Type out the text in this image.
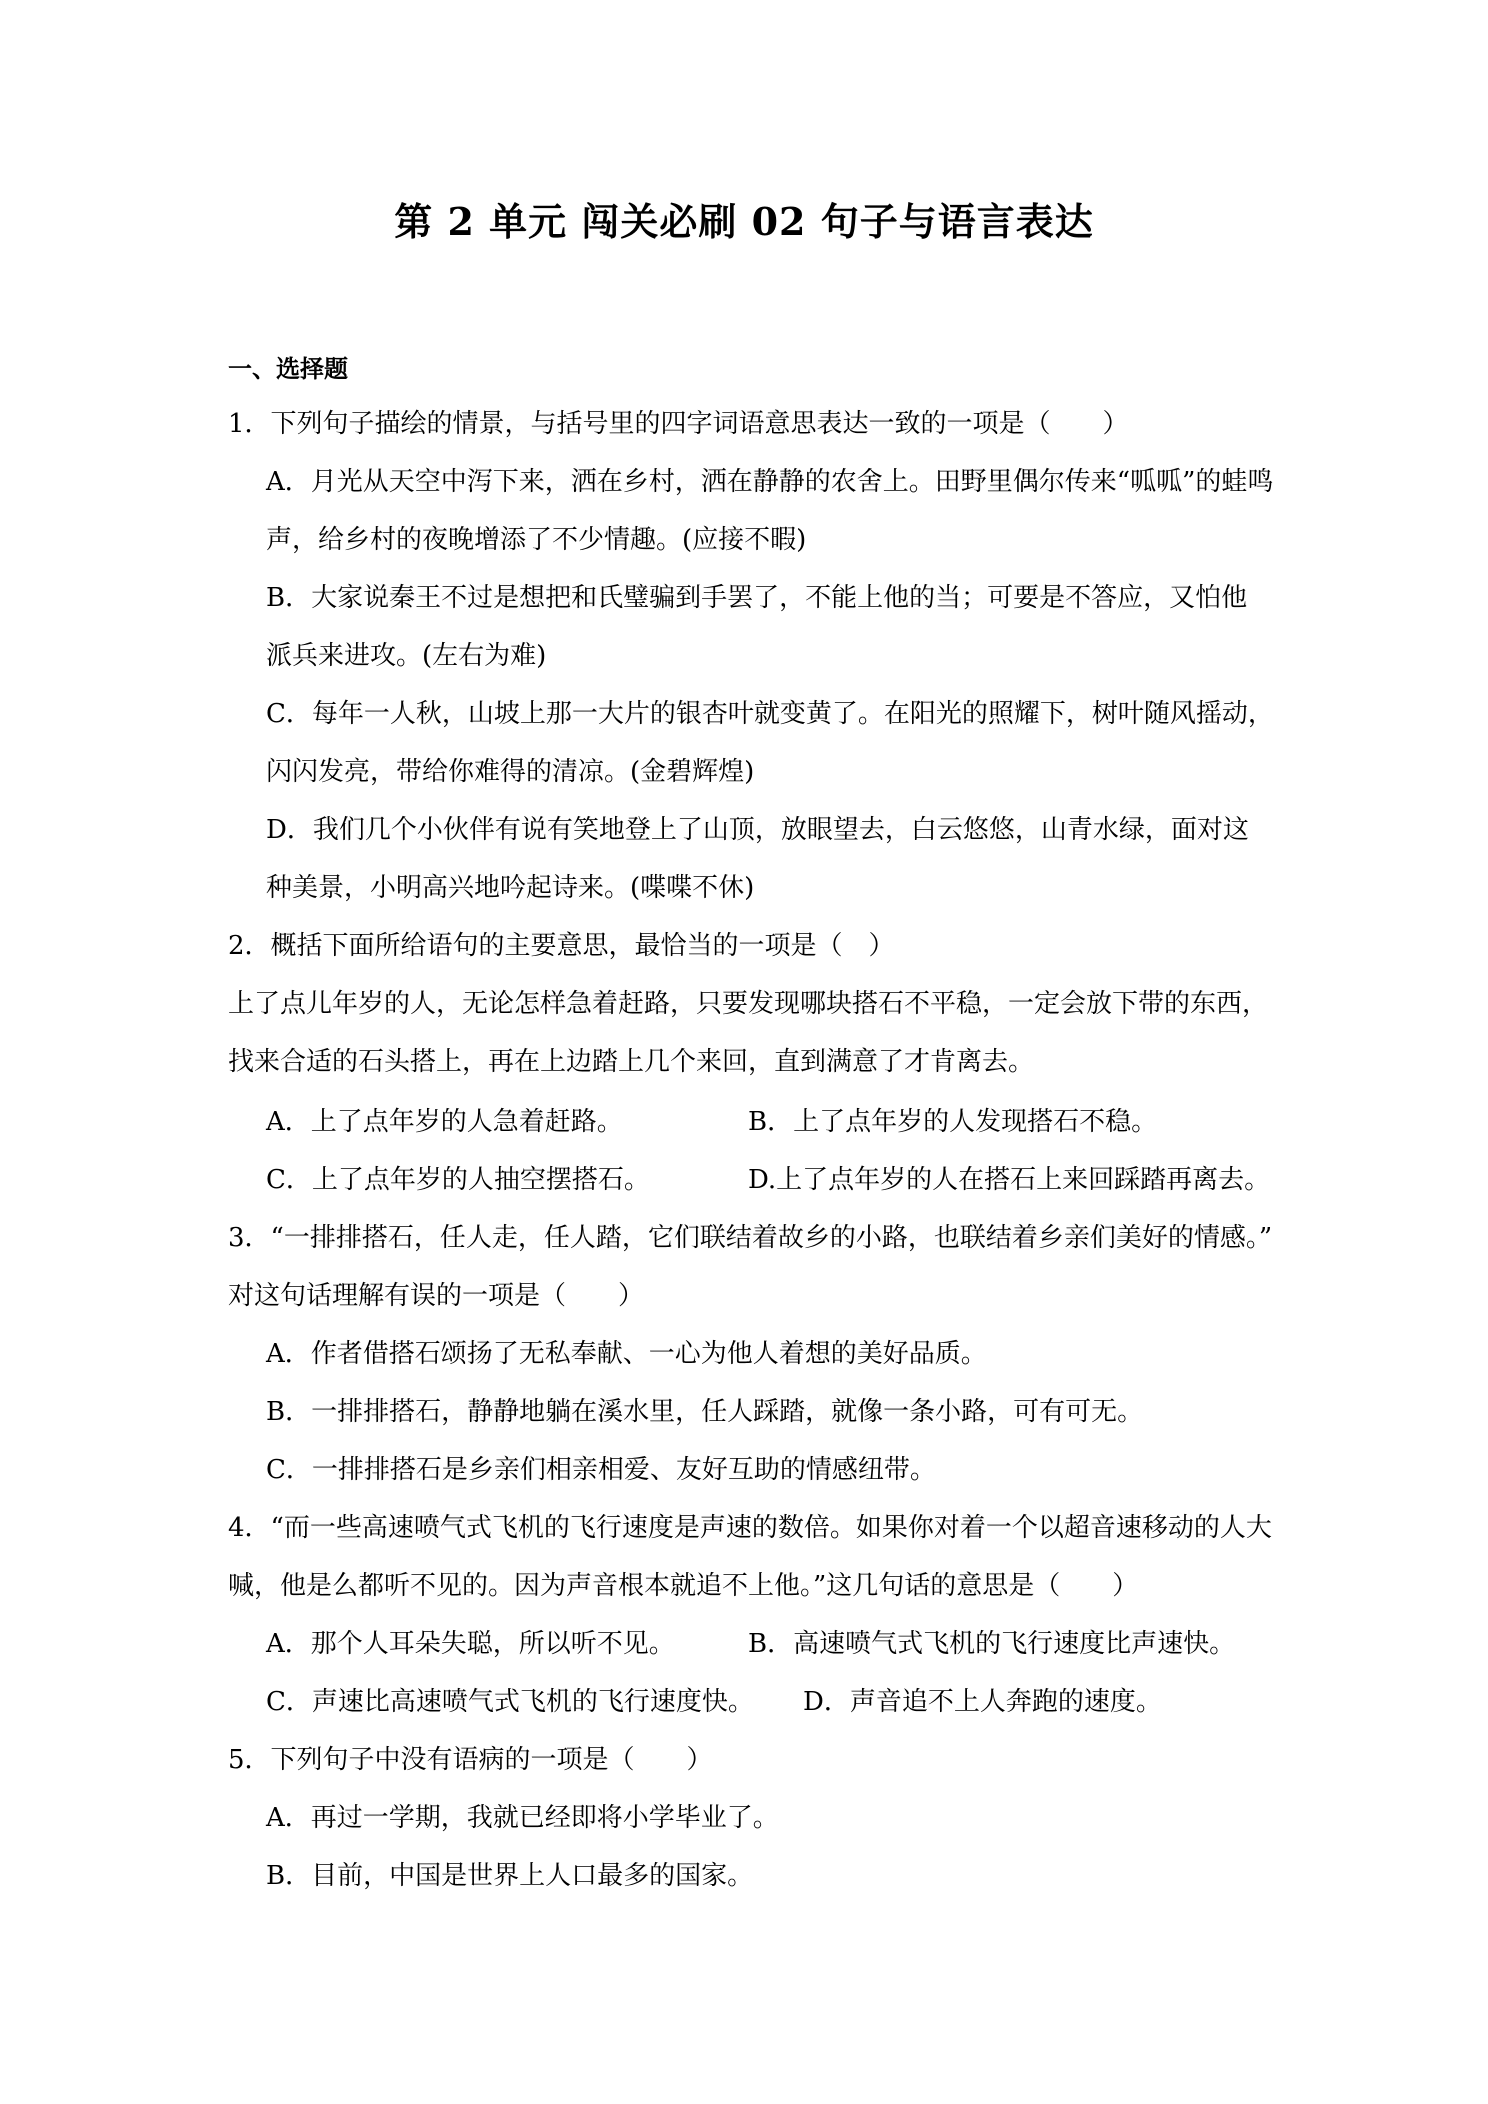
第 2 单元 闯关必刷 02 句子与语言表达
一、选择题
1．下列句子描绘的情景，与括号里的四字词语意思表达一致的一项是（　　）
A．月光从天空中泻下来，洒在乡村，洒在静静的农舍上。田野里偶尔传来“呱呱”的蛙鸣
声，给乡村的夜晚增添了不少情趣。(应接不暇)
B．大家说秦王不过是想把和氏璧骗到手罢了，不能上他的当；可要是不答应，又怕他
派兵来进攻。(左右为难)
C．每年一人秋，山坡上那一大片的银杏叶就变黄了。在阳光的照耀下，树叶随风摇动，
闪闪发亮，带给你难得的清凉。(金碧辉煌)
D．我们几个小伙伴有说有笑地登上了山顶，放眼望去，白云悠悠，山青水绿，面对这
种美景，小明高兴地吟起诗来。(喋喋不休)
2．概括下面所给语句的主要意思，最恰当的一项是（　）
上了点儿年岁的人，无论怎样急着赶路，只要发现哪块搭石不平稳，一定会放下带的东西，
找来合适的石头搭上，再在上边踏上几个来回，直到满意了才肯离去。
A．上了点年岁的人急着赶路。	B．上了点年岁的人发现搭石不稳。
C．上了点年岁的人抽空摆搭石。	D.上了点年岁的人在搭石上来回踩踏再离去。
3．“一排排搭石，任人走，任人踏，它们联结着故乡的小路，也联结着乡亲们美好的情感。”
对这句话理解有误的一项是（　　）
A．作者借搭石颂扬了无私奉献、一心为他人着想的美好品质。
B．一排排搭石，静静地躺在溪水里，任人踩踏，就像一条小路，可有可无。
C．一排排搭石是乡亲们相亲相爱、友好互助的情感纽带。
4．“而一些高速喷气式飞机的飞行速度是声速的数倍。如果你对着一个以超音速移动的人大
喊，他是么都听不见的。因为声音根本就追不上他。”这几句话的意思是（　　）
A．那个人耳朵失聪，所以听不见。	B．高速喷气式飞机的飞行速度比声速快。
C．声速比高速喷气式飞机的飞行速度快。 D．声音追不上人奔跑的速度。
5．下列句子中没有语病的一项是（　　）
A．再过一学期，我就已经即将小学毕业了。
B．目前，中国是世界上人口最多的国家。
